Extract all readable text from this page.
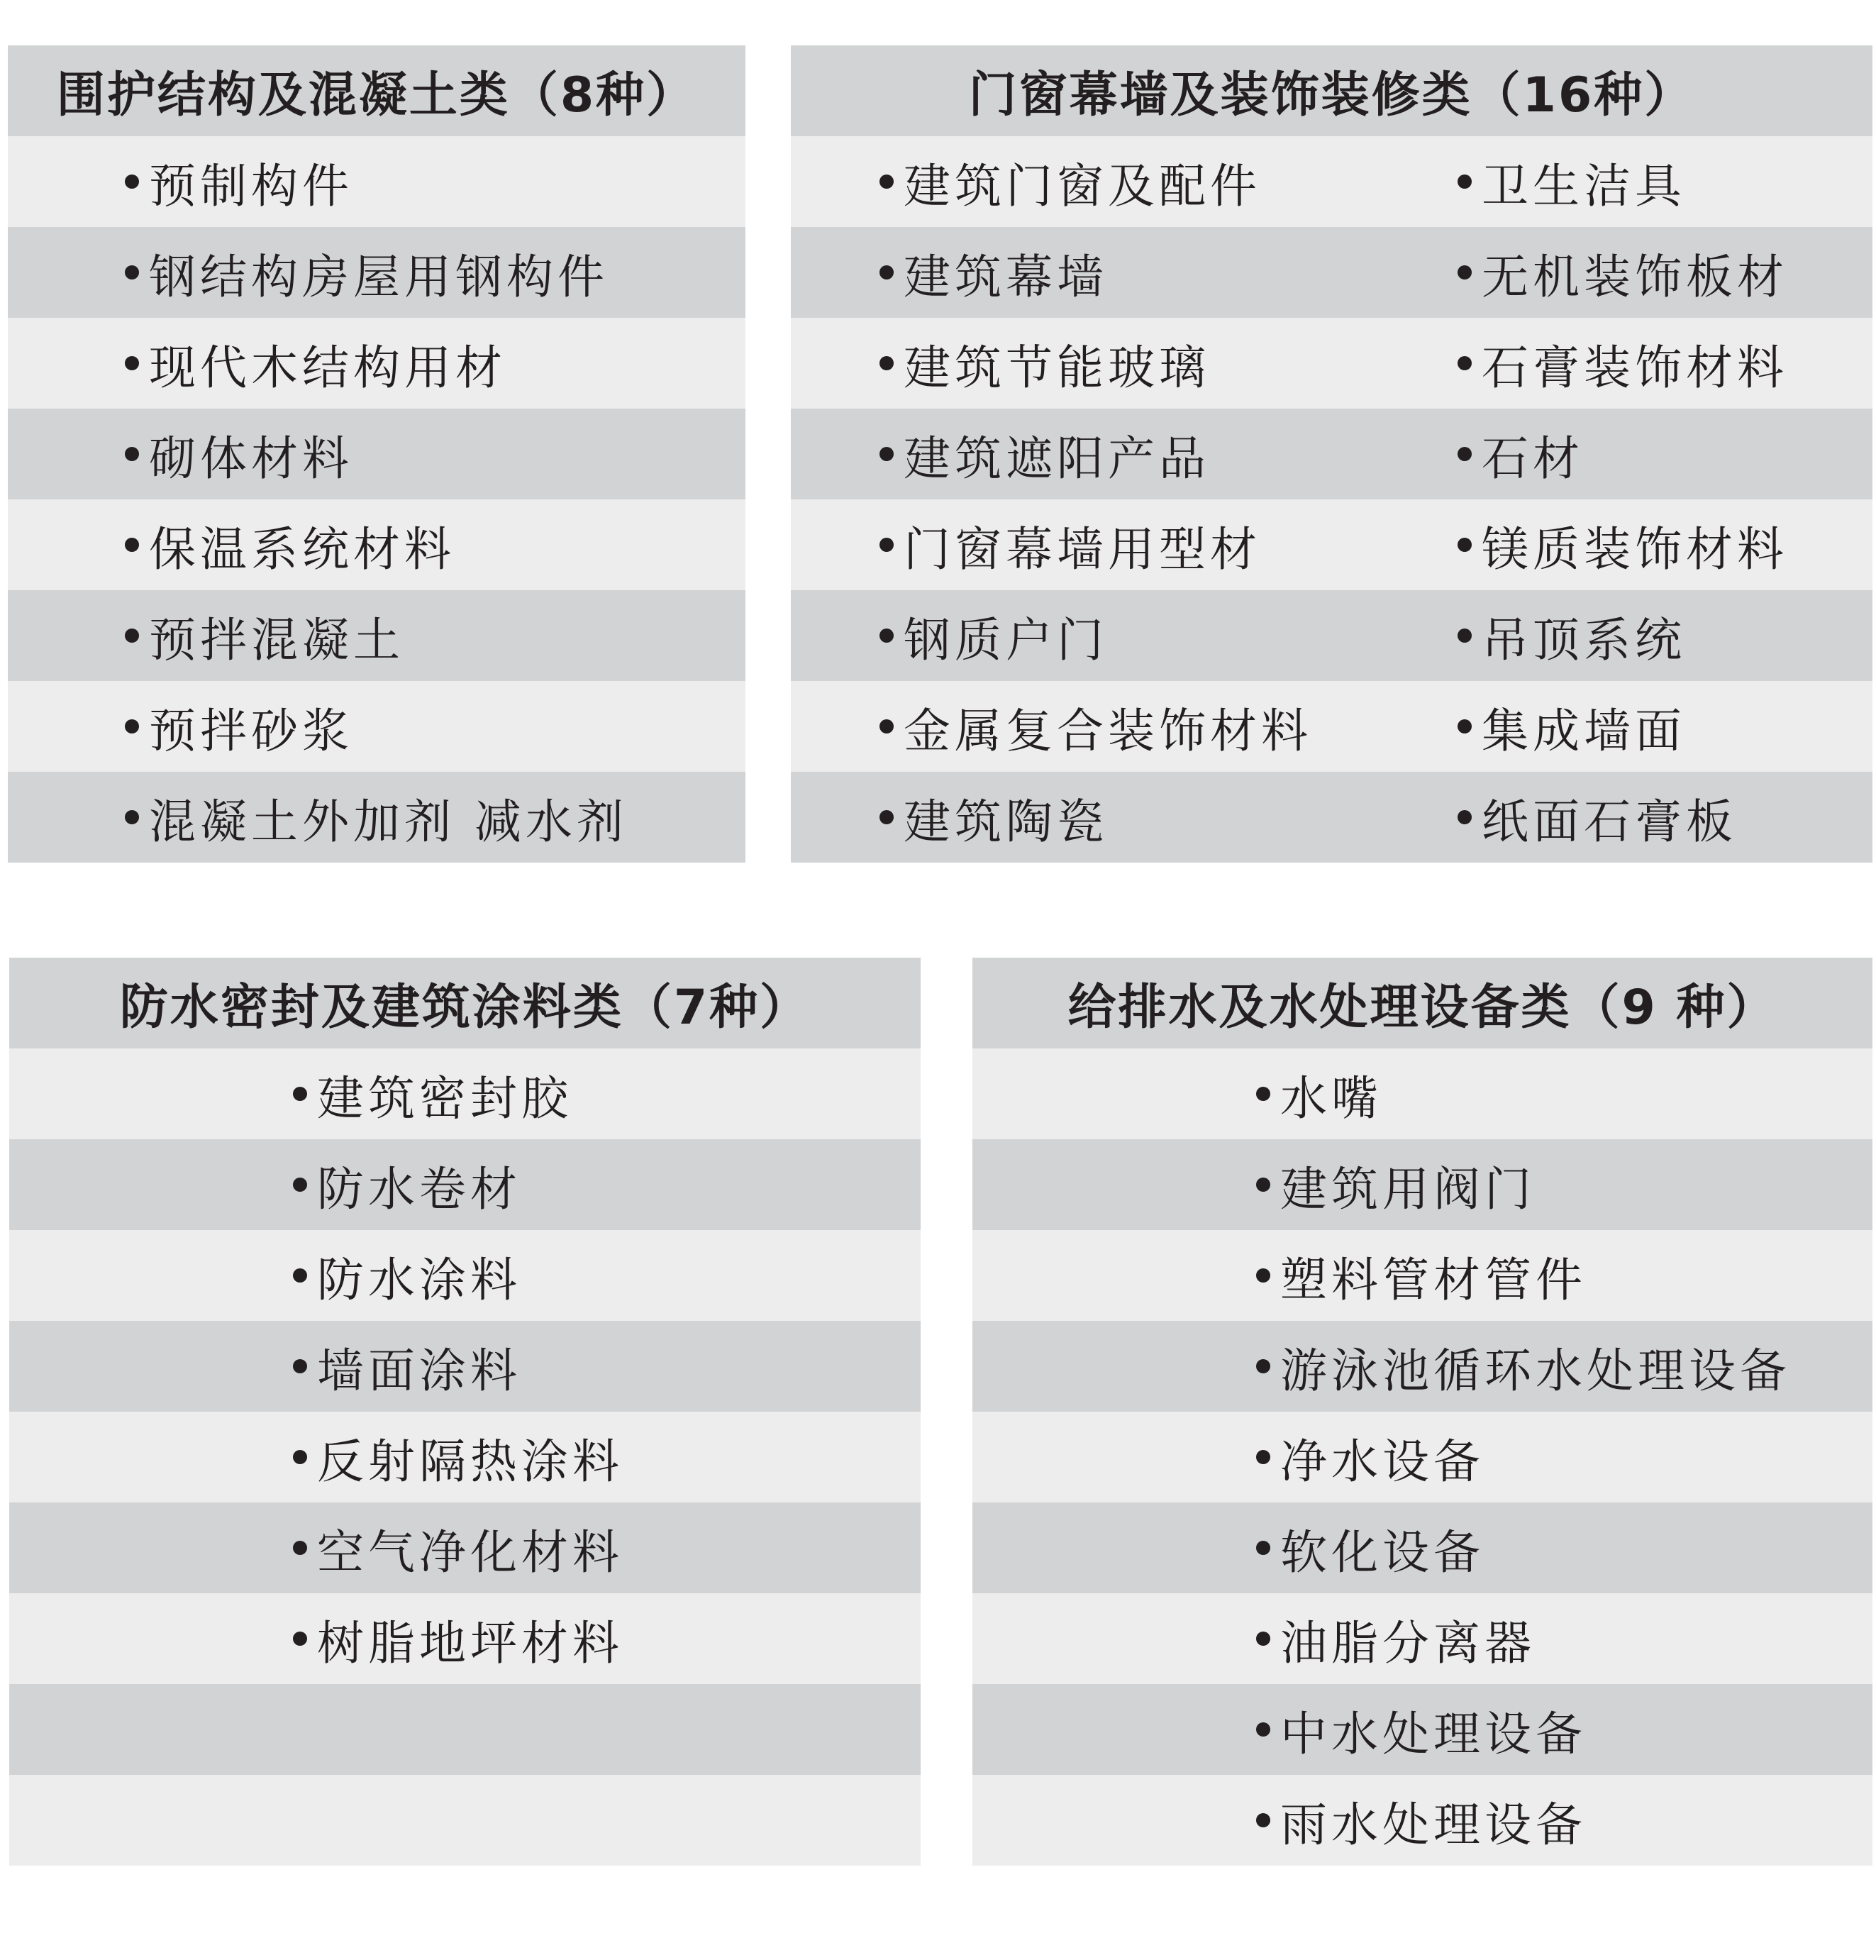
围护结构及混凝土类（8种）
预制构件
钢结构房屋用钢构件
现代木结构用材
砌体材料
保温系统材料
预拌混凝土
预拌砂浆
混凝土外加剂 减水剂
门窗幕墙及装饰装修类（16种）
建筑门窗及配件	卫生洁具
建筑幕墙	无机装饰板材
建筑节能玻璃	石膏装饰材料
建筑遮阳产品	石材
门窗幕墙用型材	镁质装饰材料
钢质户门	吊顶系统
金属复合装饰材料	集成墙面
建筑陶瓷	纸面石膏板
防水密封及建筑涂料类（7种）
建筑密封胶
防水卷材
防水涂料
墙面涂料
反射隔热涂料
空气净化材料
树脂地坪材料
给排水及水处理设备类（9 种）
水嘴
建筑用阀门
塑料管材管件
游泳池循环水处理设备
净水设备
软化设备
油脂分离器
中水处理设备
雨水处理设备
